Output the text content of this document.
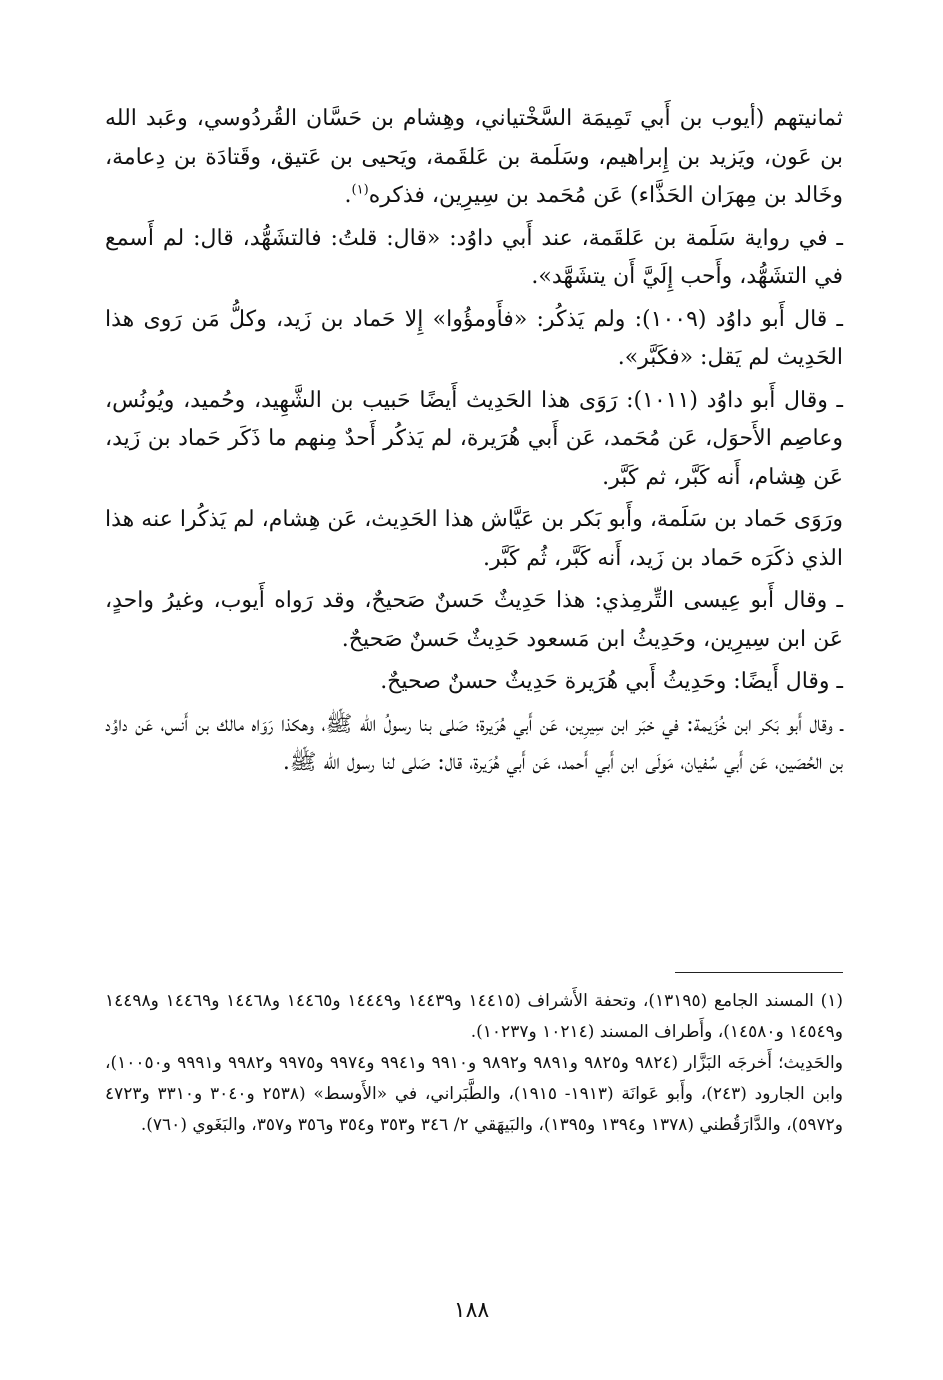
ثمانيتهم (أيوب بن أَبي تَمِيمَة السَّخْتياني، وهِشام بن حَسَّان القُردُوسي، وعَبد الله بن عَون، ويَزيد بن إِبراهيم، وسَلَمة بن عَلقَمة، ويَحيى بن عَتيق، وقَتادَة بن دِعامة، وخَالد بن مِهرَان الحَذَّاء) عَن مُحَمد بن سِيرِين، فذكره$^{(١)}$.

ـ في رواية سَلَمة بن عَلقَمة، عند أَبي داوُد: «قال: قلتُ: فالتشَهُّد، قال: لم أَسمع في التشَهُّد، وأَحب إِلَيَّ أَن يتشَهَّد».

ـ قال أَبو داوُد (١٠٠٩): ولم يَذكُر: «فأَومؤُوا» إِلا حَماد بن زَيد، وكلُّ مَن رَوى هذا الحَدِيث لم يَقل: «فكَبَّر».

ـ وقال أَبو داوُد (١٠١١): رَوَى هذا الحَدِيث أَيضًا حَبيب بن الشَّهِيد، وحُميد، ويُونُس، وعاصِم الأَحوَل، عَن مُحَمد، عَن أَبي هُرَيرة، لم يَذكُر أَحدٌ مِنهم ما ذَكَر حَماد بن زَيد، عَن هِشام، أَنه كَبَّر، ثم كَبَّر.

ورَوَى حَماد بن سَلَمة، وأَبو بَكر بن عَيَّاش هذا الحَدِيث، عَن هِشام، لم يَذكُرا عنه هذا الذي ذكَرَه حَماد بن زَيد، أَنه كَبَّر، ثُم كَبَّر.

ـ وقال أَبو عِيسى التِّرمِذي: هذا حَدِيثٌ حَسنٌ صَحيحٌ، وقد رَواه أَيوب، وغيرُ واحدٍ، عَن ابن سِيرِين، وحَدِيثُ ابن مَسعود حَدِيثٌ حَسنٌ صَحيحٌ.

ـ وقال أَيضًا: وحَدِيثُ أَبي هُرَيرة حَدِيثٌ حسنٌ صحيحٌ.

ـ وقال أَبو بَكر ابن خُزَيمة: في خبَر ابن سِيرِين، عَن أَبي هُرَيرة؛ صَلى بنا رسولُ الله ﷺ، وهكذا رَوَاه مالك بن أَنس، عَن داوُد بن الحُصَين، عَن أَبي سُفيان، مَولَى ابن أَبي أَحمد، عَن أَبي هُرَيرة، قال: صَلى لنا رسول الله ﷺ.

(١) المسند الجامع (١٣١٩٥)، وتحفة الأَشراف (١٤٤١٥ و١٤٤٣٩ و١٤٤٤٩ و١٤٤٦٥ و١٤٤٦٨ و١٤٤٦٩ و١٤٤٩٨ و١٤٥٤٩ و١٤٥٨٠)، وأَطراف المسند (١٠٢١٤ و١٠٢٣٧).

والحَدِيث؛ أَخرجَه البَزَّار (٩٨٢٤ و٩٨٢٥ و٩٨٩١ و٩٨٩٢ و٩٩١٠ و٩٩٤١ و٩٩٧٤ و٩٩٧٥ و٩٩٨٢ و٩٩٩١ و١٠٠٥٠)، وابن الجارود (٢٤٣)، وأَبو عَوانَة (١٩١٣- ١٩١٥)، والطَّبَراني، في «الأَوسط» (٢٥٣٨ و٣٠٤٠ و٣٣١٠ و٤٧٢٣ و٥٩٧٢)، والدَّارَقُطني (١٣٧٨ و١٣٩٤ و١٣٩٥)، والبَيهَقي ٢/ ٣٤٦ و٣٥٣ و٣٥٤ و٣٥٦ و٣٥٧، والبَغَوي (٧٦٠).

١٨٨
